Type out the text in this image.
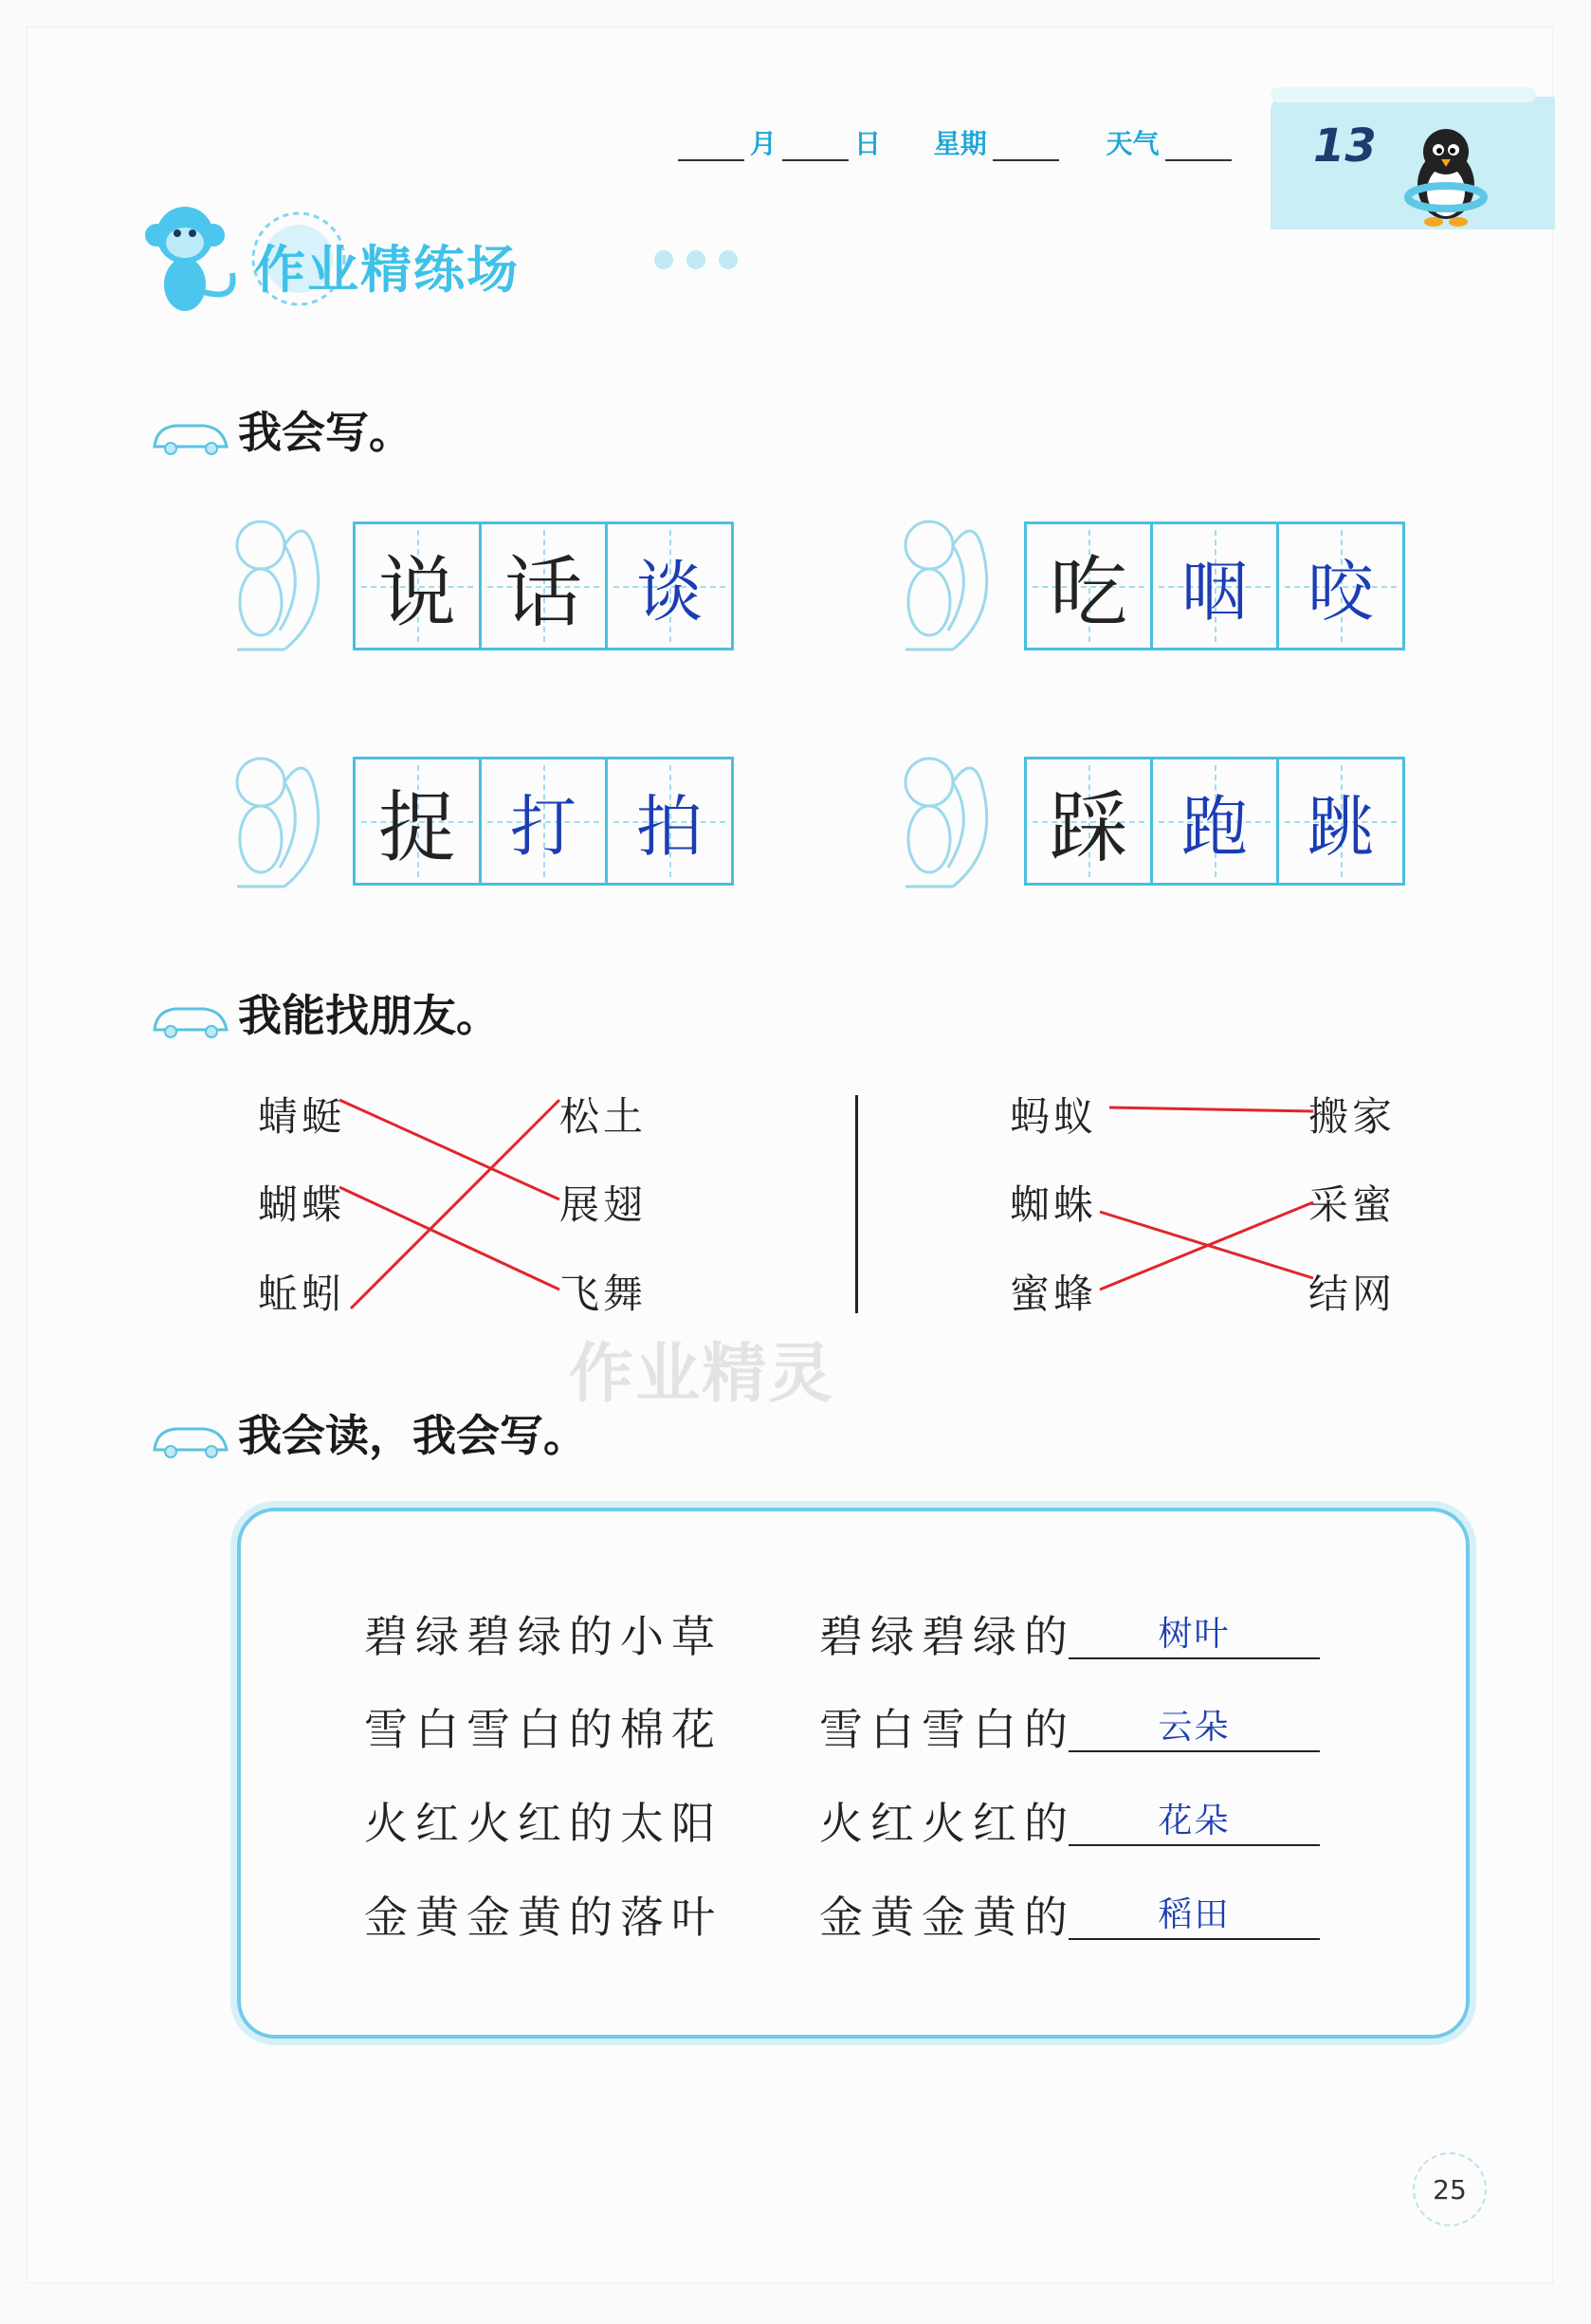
月	日 星期	天气	13
作业精练场
我会写。
说 话 谈	吃 咽 咬
捉 打 拍	踩 跑 跳
我能找朋友。
蜻蜓
蝴蝶
蚯蚓
松土
展翅
飞舞
蚂蚁
蜘蛛
蜜蜂
搬家
采蜜
结网
作业精灵
我会读，我会写。
碧绿碧绿的小草 碧绿碧绿的	树叶
雪白雪白的棉花 雪白雪白的	云朵
火红火红的太阳 火红火红的	花朵
金黄金黄的落叶 金黄金黄的	稻田
25
